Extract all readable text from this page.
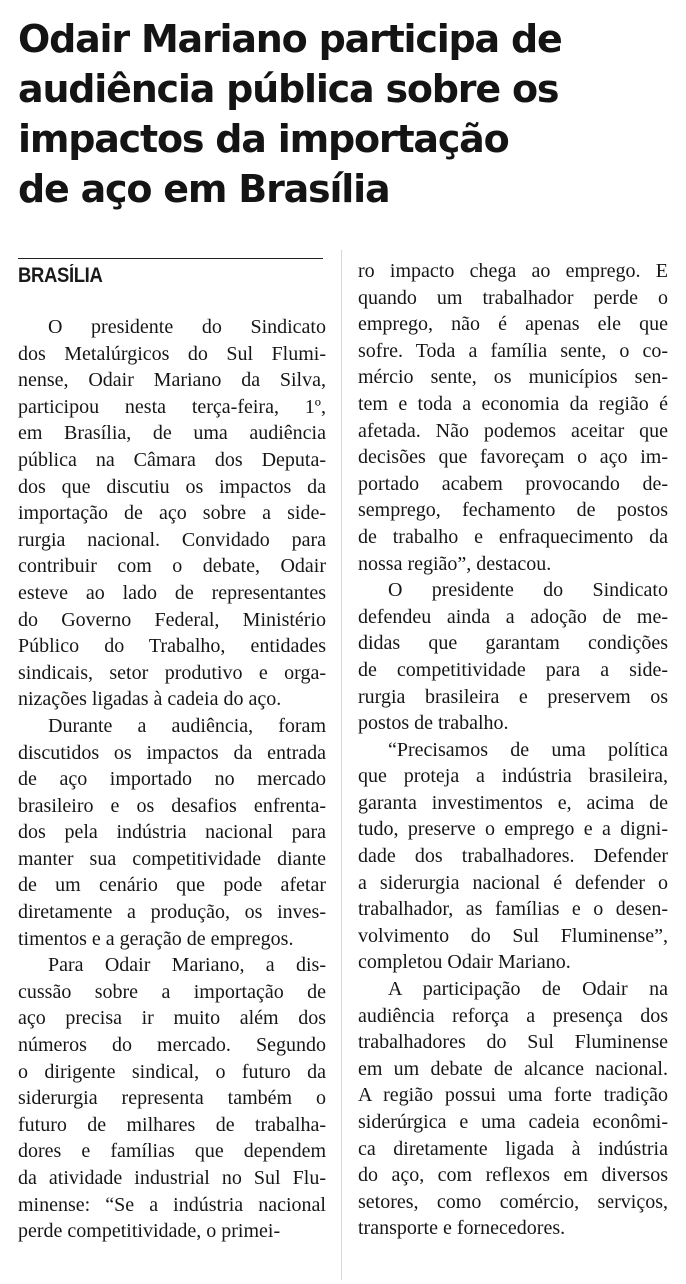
Odair Mariano participa de
audiência pública sobre os
impactos da importação
de aço em Brasília
BRASÍLIA

O presidente do Sindicato
dos Metalúrgicos do Sul Flumi-
nense, Odair Mariano da Silva,
participou nesta terça-feira, 1º,
em Brasília, de uma audiência
pública na Câmara dos Deputa-
dos que discutiu os impactos da
importação de aço sobre a side-
rurgia nacional. Convidado para
contribuir com o debate, Odair
esteve ao lado de representantes
do Governo Federal, Ministério
Público do Trabalho, entidades
sindicais, setor produtivo e orga-
nizações ligadas à cadeia do aço.

Durante a audiência, foram
discutidos os impactos da entrada
de aço importado no mercado
brasileiro e os desafios enfrenta-
dos pela indústria nacional para
manter sua competitividade diante
de um cenário que pode afetar
diretamente a produção, os inves-
timentos e a geração de empregos.

Para Odair Mariano, a dis-
cussão sobre a importação de
aço precisa ir muito além dos
números do mercado. Segundo
o dirigente sindical, o futuro da
siderurgia representa também o
futuro de milhares de trabalha-
dores e famílias que dependem
da atividade industrial no Sul Flu-
minense: “Se a indústria nacional
perde competitividade, o primei-

ro impacto chega ao emprego. E
quando um trabalhador perde o
emprego, não é apenas ele que
sofre. Toda a família sente, o co-
mércio sente, os municípios sen-
tem e toda a economia da região é
afetada. Não podemos aceitar que
decisões que favoreçam o aço im-
portado acabem provocando de-
semprego, fechamento de postos
de trabalho e enfraquecimento da
nossa região”, destacou.

O presidente do Sindicato
defendeu ainda a adoção de me-
didas que garantam condições
de competitividade para a side-
rurgia brasileira e preservem os
postos de trabalho.

“Precisamos de uma política
que proteja a indústria brasileira,
garanta investimentos e, acima de
tudo, preserve o emprego e a digni-
dade dos trabalhadores. Defender
a siderurgia nacional é defender o
trabalhador, as famílias e o desen-
volvimento do Sul Fluminense”,
completou Odair Mariano.

A participação de Odair na
audiência reforça a presença dos
trabalhadores do Sul Fluminense
em um debate de alcance nacional.
A região possui uma forte tradição
siderúrgica e uma cadeia econômi-
ca diretamente ligada à indústria
do aço, com reflexos em diversos
setores, como comércio, serviços,
transporte e fornecedores.
